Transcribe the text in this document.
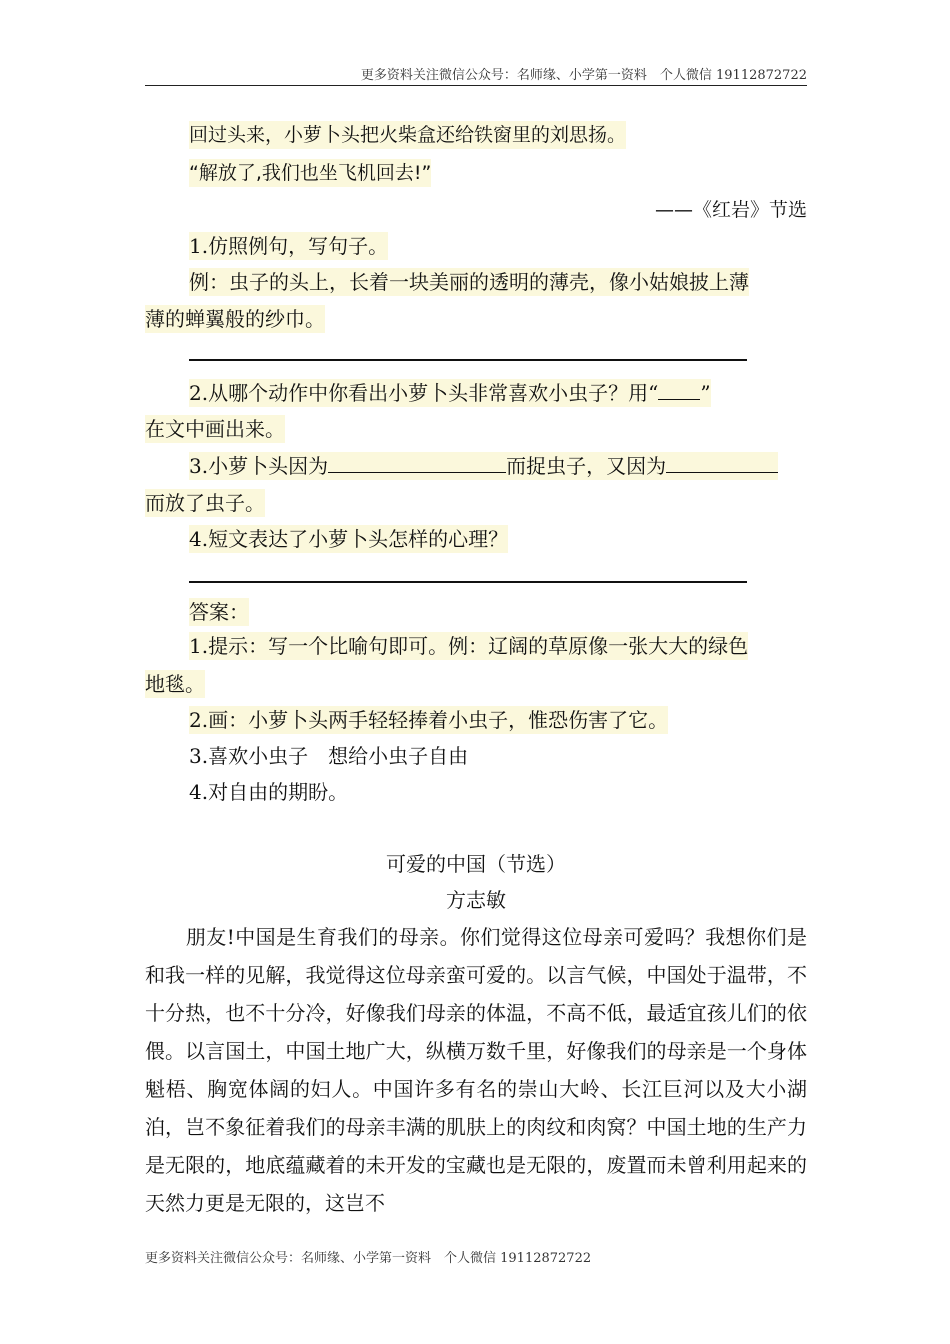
更多资料关注微信公众号：名师缘、小学第一资料　个人微信 19112872722
回过头来，小萝卜头把火柴盒还给铁窗里的刘思扬。
“解放了,我们也坐飞机回去!”
——《红岩》节选
1.仿照例句，写句子。
例：虫子的头上，长着一块美丽的透明的薄壳，像小姑娘披上薄
薄的蝉翼般的纱巾。
2.从哪个动作中你看出小萝卜头非常喜欢小虫子？用“ ”
在文中画出来。
3.小萝卜头因为	而捉虫子，又因为
而放了虫子。
4.短文表达了小萝卜头怎样的心理？
答案：
1.提示：写一个比喻句即可。例：辽阔的草原像一张大大的绿色
地毯。
2.画：小萝卜头两手轻轻捧着小虫子，惟恐伤害了它。
3.喜欢小虫子　想给小虫子自由
4.对自由的期盼。
可爱的中国（节选）
方志敏
　　朋友!中国是生育我们的母亲。你们觉得这位母亲可爱吗？我想你们是和我一样的见解，我觉得这位母亲蛮可爱的。以言气候，中国处于温带，不十分热，也不十分冷，好像我们母亲的体温，不高不低，最适宜孩儿们的依偎。以言国土，中国土地广大，纵横万数千里，好像我们的母亲是一个身体魁梧、胸宽体阔的妇人。中国许多有名的崇山大岭、长江巨河以及大小湖泊，岂不象征着我们的母亲丰满的肌肤上的肉纹和肉窝？中国土地的生产力是无限的，地底蕴藏着的未开发的宝藏也是无限的，废置而未曾利用起来的天然力更是无限的，这岂不
更多资料关注微信公众号：名师缘、小学第一资料　个人微信 19112872722
